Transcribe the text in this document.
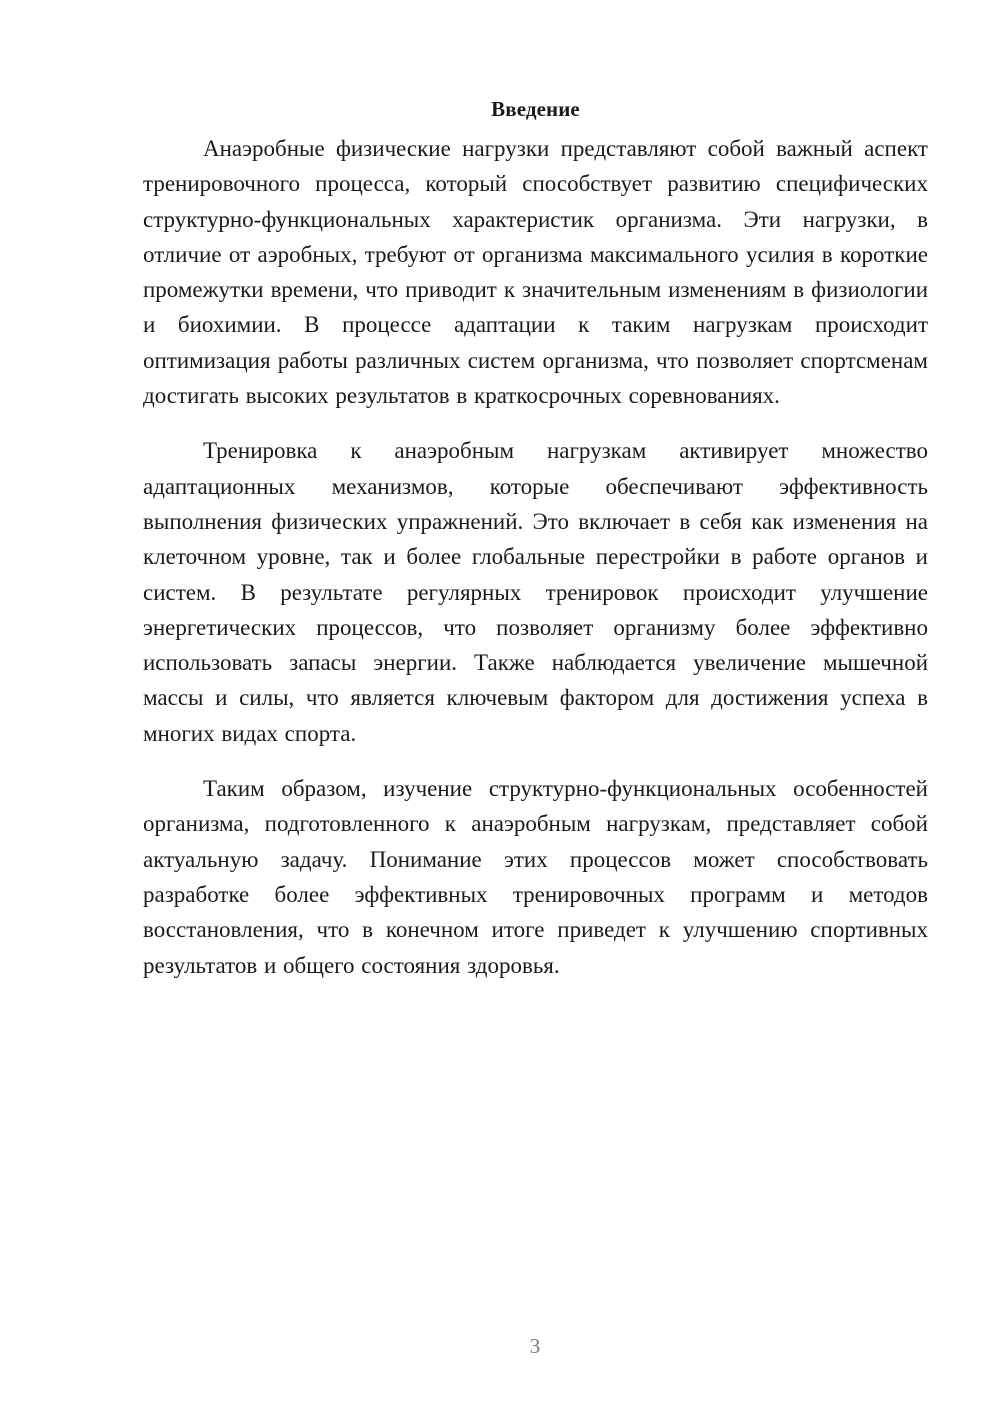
Введение

Анаэробные физические нагрузки представляют собой важный аспект тренировочного процесса, который способствует развитию специфических структурно-функциональных характеристик организма. Эти нагрузки, в отличие от аэробных, требуют от организма максимального усилия в короткие промежутки времени, что приводит к значительным изменениям в физиологии и биохимии. В процессе адаптации к таким нагрузкам происходит оптимизация работы различных систем организма, что позволяет спортсменам достигать высоких результатов в краткосрочных соревнованиях.

Тренировка к анаэробным нагрузкам активирует множество адаптационных механизмов, которые обеспечивают эффективность выполнения физических упражнений. Это включает в себя как изменения на клеточном уровне, так и более глобальные перестройки в работе органов и систем. В результате регулярных тренировок происходит улучшение энергетических процессов, что позволяет организму более эффективно использовать запасы энергии. Также наблюдается увеличение мышечной массы и силы, что является ключевым фактором для достижения успеха в многих видах спорта.

Таким образом, изучение структурно-функциональных особенностей организма, подготовленного к анаэробным нагрузкам, представляет собой актуальную задачу. Понимание этих процессов может способствовать разработке более эффективных тренировочных программ и методов восстановления, что в конечном итоге приведет к улучшению спортивных результатов и общего состояния здоровья.

3
